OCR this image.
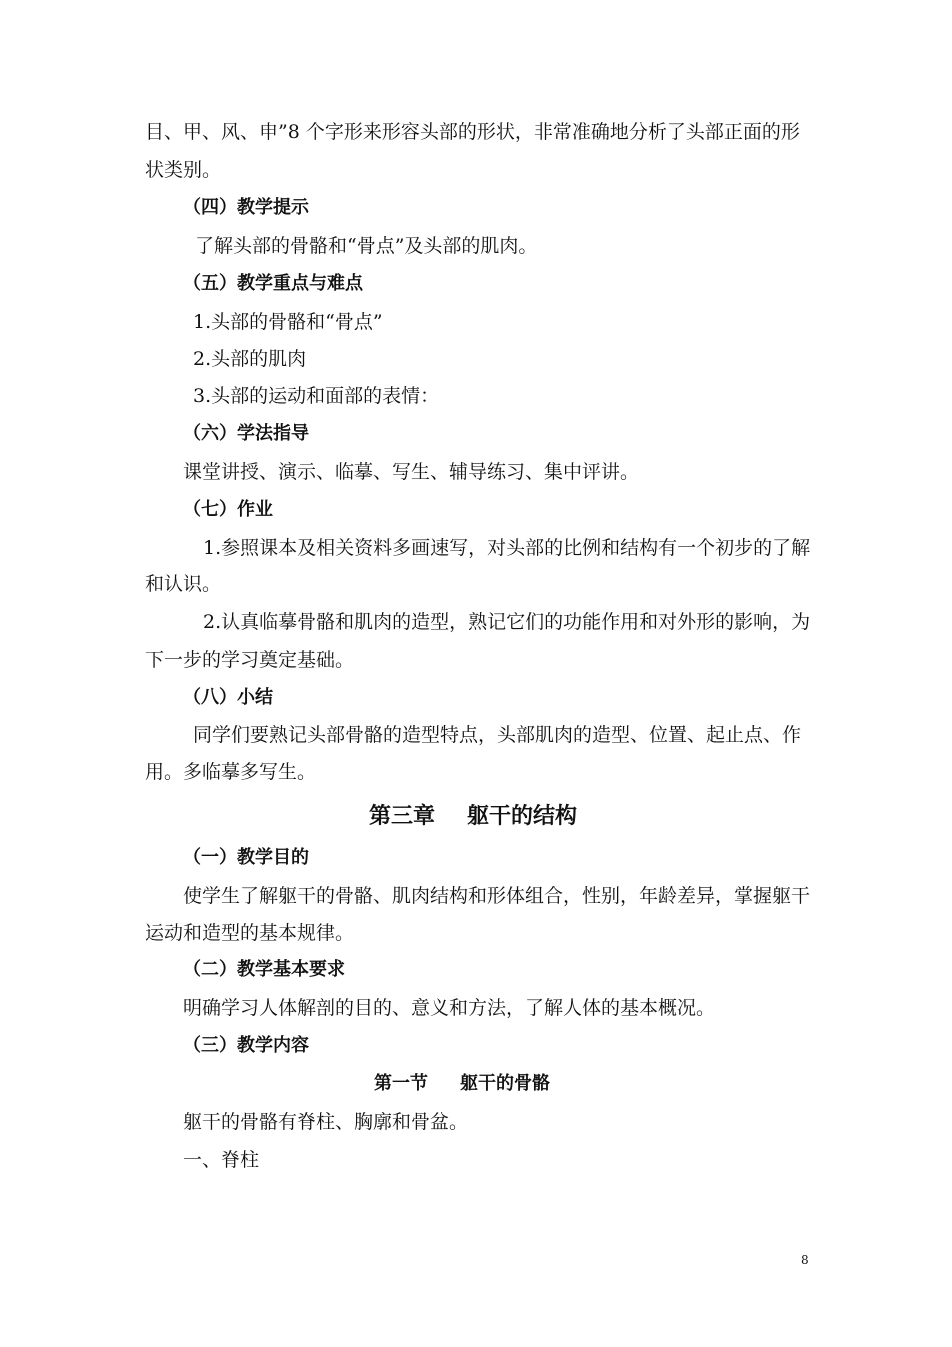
目、甲、风、申”8 个字形来形容头部的形状，非常准确地分析了头部正面的形
状类别。
（四）教学提示
了解头部的骨骼和“骨点”及头部的肌肉。
（五）教学重点与难点
1.头部的骨骼和“骨点”
2.头部的肌肉
3.头部的运动和面部的表情：
（六）学法指导
课堂讲授、演示、临摹、写生、辅导练习、集中评讲。
（七）作业
1.参照课本及相关资料多画速写，对头部的比例和结构有一个初步的了解
和认识。
2.认真临摹骨骼和肌肉的造型，熟记它们的功能作用和对外形的影响，为
下一步的学习奠定基础。
（八）小结
同学们要熟记头部骨骼的造型特点，头部肌肉的造型、位置、起止点、作
用。多临摹多写生。
第三章 躯干的结构
（一）教学目的
使学生了解躯干的骨骼、肌肉结构和形体组合，性别，年龄差异，掌握躯干
运动和造型的基本规律。
（二）教学基本要求
明确学习人体解剖的目的、意义和方法，了解人体的基本概况。
（三）教学内容
第一节 躯干的骨骼
躯干的骨骼有脊柱、胸廓和骨盆。
一、脊柱
8
